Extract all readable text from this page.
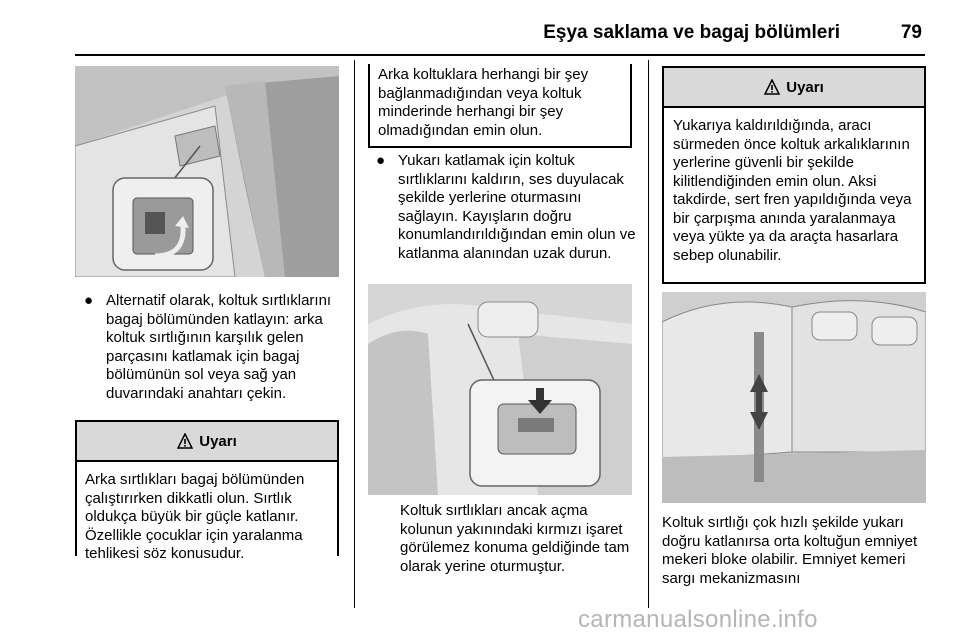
Eşya saklama ve bagaj bölümleri	79
● Alternatif olarak, koltuk sırtlıklarını bagaj bölümünden katlayın: arka koltuk sırtlığının karşılık gelen parçasını katlamak için bagaj bölümünün sol veya sağ yan duvarındaki anahtarı çekin.
Uyarı
Arka sırtlıkları bagaj bölümünden çalıştırırken dikkatli olun. Sırtlık oldukça büyük bir güçle katlanır. Özellikle çocuklar için yaralanma tehlikesi söz konusudur.
Arka koltuklara herhangi bir şey bağlanmadığından veya koltuk minderinde herhangi bir şey olmadığından emin olun.
● Yukarı katlamak için koltuk sırtlıklarını kaldırın, ses duyulacak şekilde yerlerine oturmasını sağlayın. Kayışların doğru konumlandırıldığından emin olun ve katlanma alanından uzak durun.
Koltuk sırtlıkları ancak açma kolunun yakınındaki kırmızı işaret görülemez konuma geldiğinde tam olarak yerine oturmuştur.
Uyarı
Yukarıya kaldırıldığında, aracı sürmeden önce koltuk arkalıklarının yerlerine güvenli bir şekilde kilitlendiğinden emin olun. Aksi takdirde, sert fren yapıldığında veya bir çarpışma anında yaralanmaya veya yükte ya da araçta hasarlara sebep olunabilir.
Koltuk sırtlığı çok hızlı şekilde yukarı doğru katlanırsa orta koltuğun emniyet mekeri bloke olabilir. Emniyet kemeri sargı mekanizmasını
carmanualsonline.info
